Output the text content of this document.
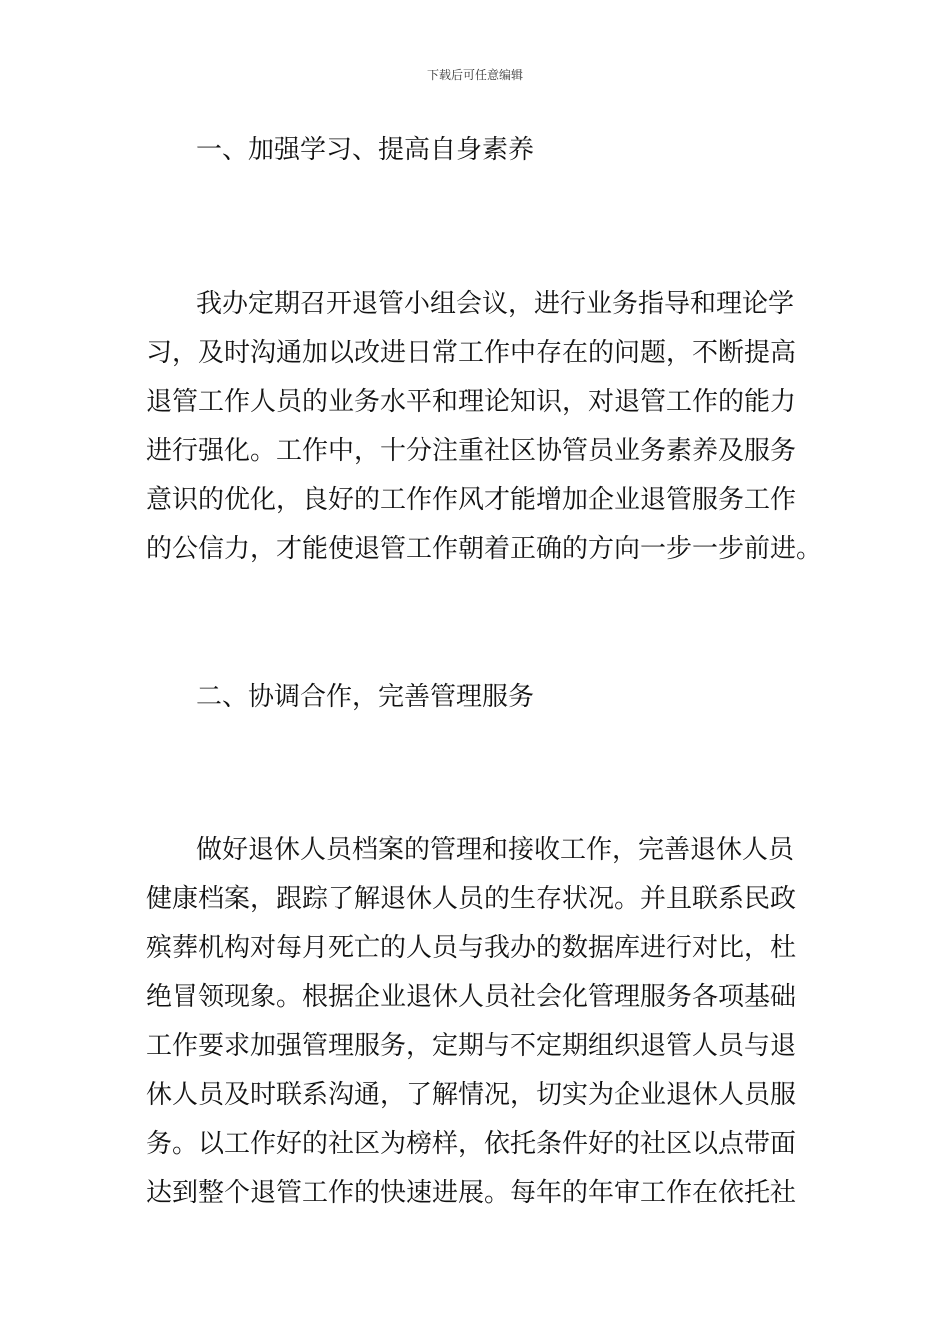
下载后可任意编辑
一、加强学习、提高自身素养
我办定期召开退管小组会议，进行业务指导和理论学
习，及时沟通加以改进日常工作中存在的问题，不断提高
退管工作人员的业务水平和理论知识，对退管工作的能力
进行强化。工作中，十分注重社区协管员业务素养及服务
意识的优化，良好的工作作风才能增加企业退管服务工作
的公信力，才能使退管工作朝着正确的方向一步一步前进。
二、协调合作，完善管理服务
做好退休人员档案的管理和接收工作，完善退休人员
健康档案，跟踪了解退休人员的生存状况。并且联系民政
殡葬机构对每月死亡的人员与我办的数据库进行对比，杜
绝冒领现象。根据企业退休人员社会化管理服务各项基础
工作要求加强管理服务，定期与不定期组织退管人员与退
休人员及时联系沟通，了解情况，切实为企业退休人员服
务。以工作好的社区为榜样，依托条件好的社区以点带面
达到整个退管工作的快速进展。每年的年审工作在依托社
